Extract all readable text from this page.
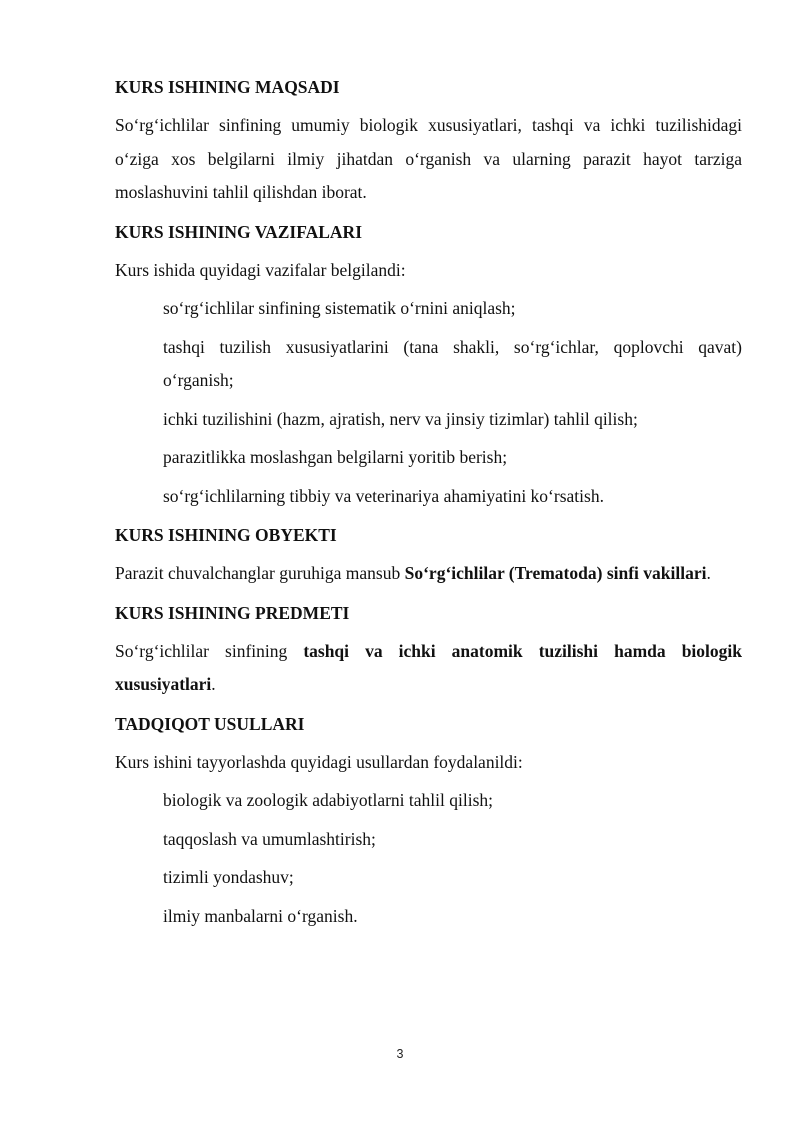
KURS ISHINING MAQSADI

So‘rg‘ichlilar sinfining umumiy biologik xususiyatlari, tashqi va ichki tuzilishidagi o‘ziga xos belgilarni ilmiy jihatdan o‘rganish va ularning parazit hayot tarziga moslashuvini tahlil qilishdan iborat.

KURS ISHINING VAZIFALARI

Kurs ishida quyidagi vazifalar belgilandi:

so‘rg‘ichlilar sinfining sistematik o‘rnini aniqlash;
tashqi tuzilish xususiyatlarini (tana shakli, so‘rg‘ichlar, qoplovchi qavat) o‘rganish;
ichki tuzilishini (hazm, ajratish, nerv va jinsiy tizimlar) tahlil qilish;
parazitlikka moslashgan belgilarni yoritib berish;
so‘rg‘ichlilarning tibbiy va veterinariya ahamiyatini ko‘rsatish.

KURS ISHINING OBYEKTI

Parazit chuvalchanglar guruhiga mansub So‘rg‘ichlilar (Trematoda) sinfi vakillari.

KURS ISHINING PREDMETI

So‘rg‘ichlilar sinfining tashqi va ichki anatomik tuzilishi hamda biologik xususiyatlari.

TADQIQOT USULLARI

Kurs ishini tayyorlashda quyidagi usullardan foydalanildi:

biologik va zoologik adabiyotlarni tahlil qilish;
taqqoslash va umumlashtirish;
tizimli yondashuv;
ilmiy manbalarni o‘rganish.
3
